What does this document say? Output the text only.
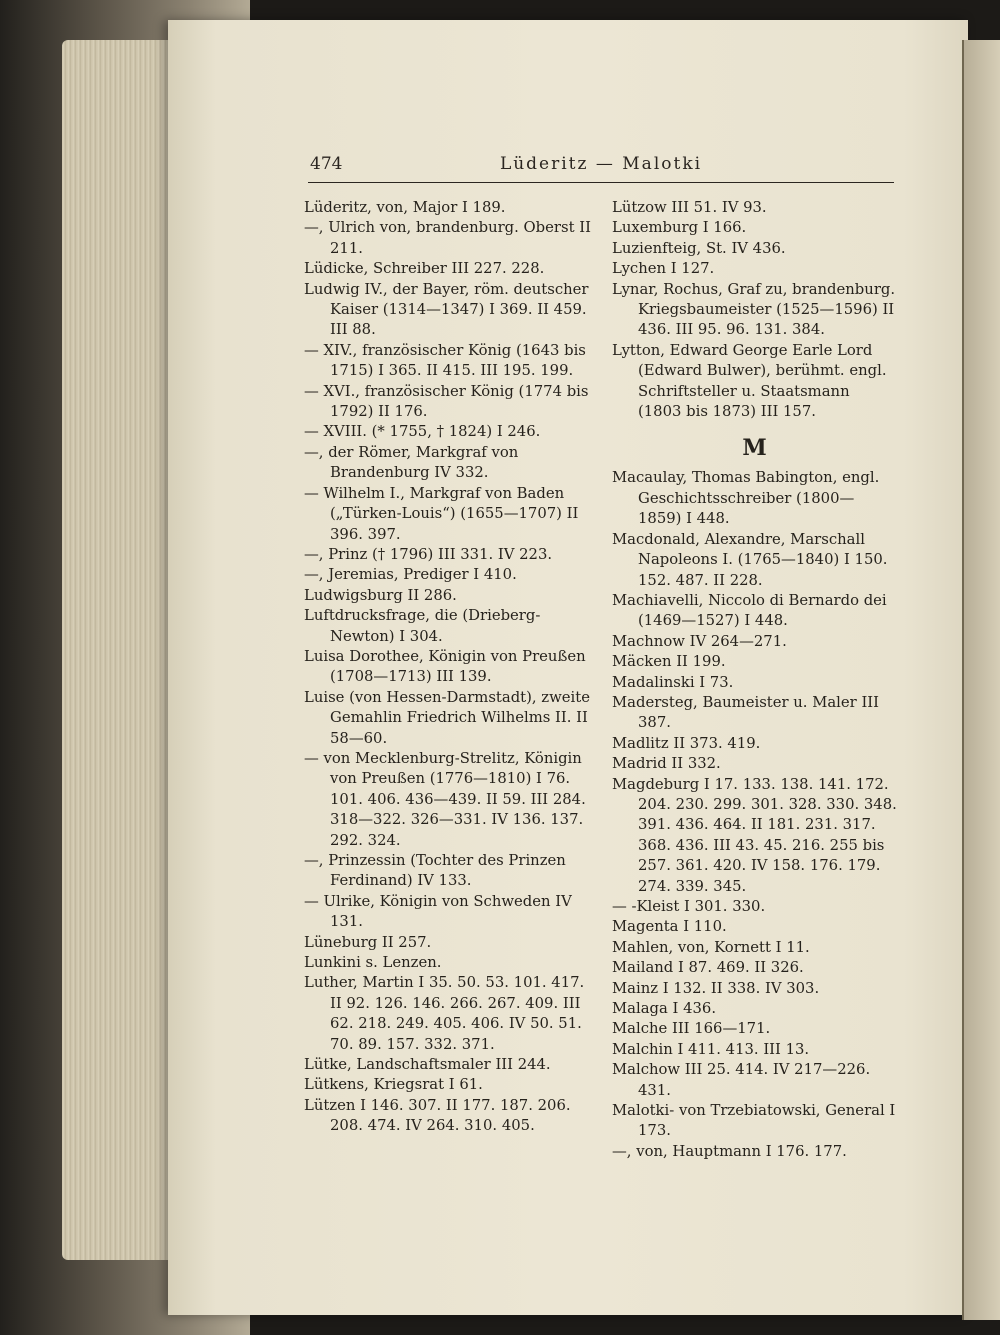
474	Lüderitz — Malotki

Lüderitz, von, Major I 189.

—, Ulrich von, brandenburg. Oberst II 211.

Lüdicke, Schreiber III 227. 228.

Ludwig IV., der Bayer, röm. deutscher Kaiser (1314—1347) I 369. II 459. III 88.

— XIV., französischer König (1643 bis 1715) I 365. II 415. III 195. 199.

— XVI., französischer König (1774 bis 1792) II 176.

— XVIII. (* 1755, † 1824) I 246.

—, der Römer, Markgraf von Brandenburg IV 332.

— Wilhelm I., Markgraf von Baden („Türken-Louis“) (1655—1707) II 396. 397.

—, Prinz († 1796) III 331. IV 223.

—, Jeremias, Prediger I 410.

Ludwigsburg II 286.

Luftdrucksfrage, die (Drieberg-Newton) I 304.

Luisa Dorothee, Königin von Preußen (1708—1713) III 139.

Luise (von Hessen-Darmstadt), zweite Gemahlin Friedrich Wilhelms II. II 58—60.

— von Mecklenburg-Strelitz, Königin von Preußen (1776—1810) I 76. 101. 406. 436—439. II 59. III 284. 318—322. 326—331. IV 136. 137. 292. 324.

—, Prinzessin (Tochter des Prinzen Ferdinand) IV 133.

— Ulrike, Königin von Schweden IV 131.

Lüneburg II 257.

Lunkini s. Lenzen.

Luther, Martin I 35. 50. 53. 101. 417. II 92. 126. 146. 266. 267. 409. III 62. 218. 249. 405. 406. IV 50. 51. 70. 89. 157. 332. 371.

Lütke, Landschaftsmaler III 244.

Lütkens, Kriegsrat I 61.

Lützen I 146. 307. II 177. 187. 206. 208. 474. IV 264. 310. 405.

Lützow III 51. IV 93.

Luxemburg I 166.

Luzienfteig, St. IV 436.

Lychen I 127.

Lynar, Rochus, Graf zu, brandenburg. Kriegsbaumeister (1525—1596) II 436. III 95. 96. 131. 384.

Lytton, Edward George Earle Lord (Edward Bulwer), berühmt. engl. Schriftsteller u. Staatsmann (1803 bis 1873) III 157.

M

Macaulay, Thomas Babington, engl. Geschichtsschreiber (1800—1859) I 448.

Macdonald, Alexandre, Marschall Napoleons I. (1765—1840) I 150. 152. 487. II 228.

Machiavelli, Niccolo di Bernardo dei (1469—1527) I 448.

Machnow IV 264—271.

Mäcken II 199.

Madalinski I 73.

Madersteg, Baumeister u. Maler III 387.

Madlitz II 373. 419.

Madrid II 332.

Magdeburg I 17. 133. 138. 141. 172. 204. 230. 299. 301. 328. 330. 348. 391. 436. 464. II 181. 231. 317. 368. 436. III 43. 45. 216. 255 bis 257. 361. 420. IV 158. 176. 179. 274. 339. 345.

— -Kleist I 301. 330.

Magenta I 110.

Mahlen, von, Kornett I 11.

Mailand I 87. 469. II 326.

Mainz I 132. II 338. IV 303.

Malaga I 436.

Malche III 166—171.

Malchin I 411. 413. III 13.

Malchow III 25. 414. IV 217—226. 431.

Malotki- von Trzebiatowski, General I 173.

—, von, Hauptmann I 176. 177.
